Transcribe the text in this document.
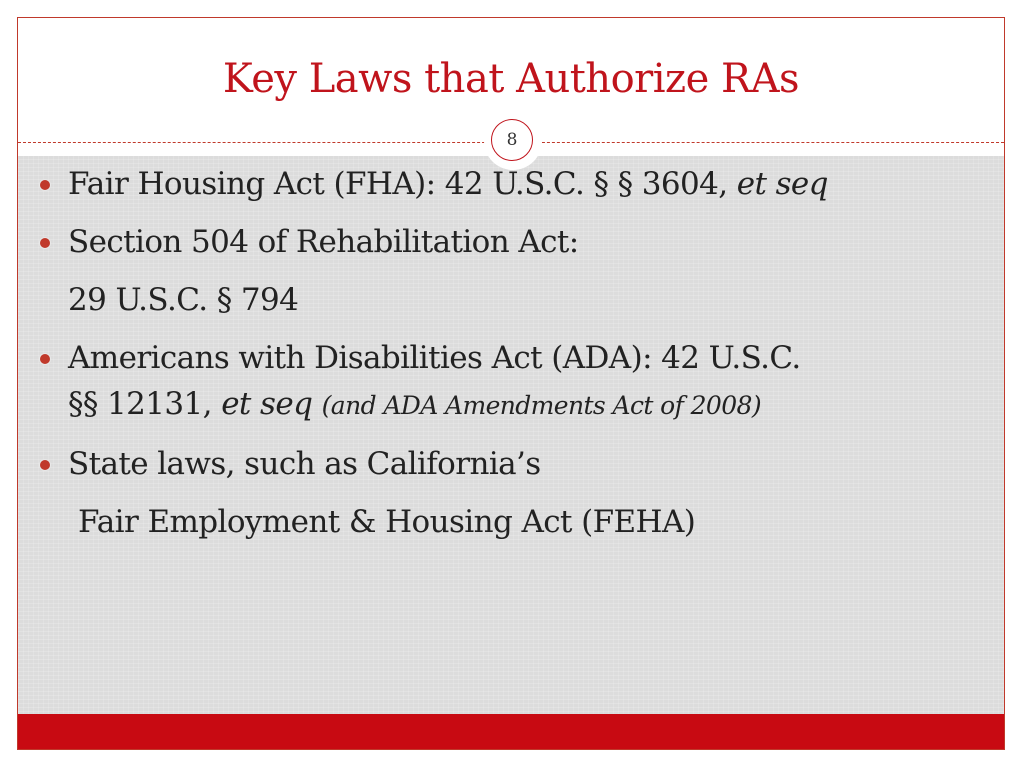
Key Laws that Authorize RAs
8
Fair Housing Act (FHA): 42 U.S.C. § § 3604, et seq
Section 504 of Rehabilitation Act:
29 U.S.C. § 794
Americans with Disabilities Act (ADA): 42 U.S.C.
§§ 12131, et seq (and ADA Amendments Act of 2008)
State laws, such as California’s
Fair Employment & Housing Act (FEHA)
